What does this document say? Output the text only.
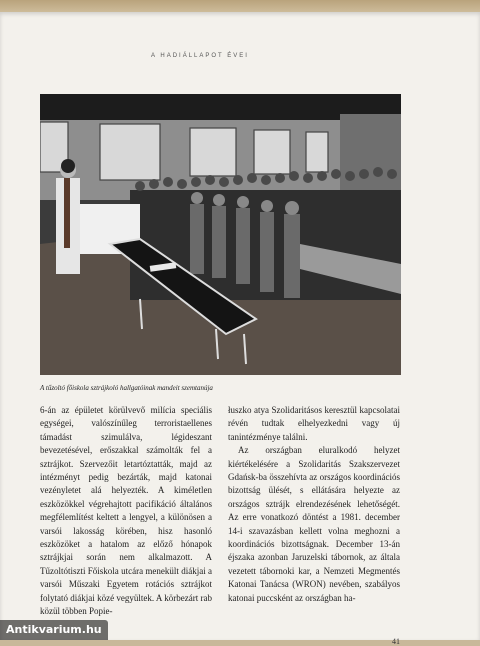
A HADIÁLLAPOT ÉVEI
A tűzoltó főiskola sztrájkoló hallgatóinak mandeit szemtanúja

6-án az épületet körülvevő milícia speciális egységei, valószínűleg terroristaellenes támadást szimulálva, légideszant bevezetésével, erőszakkal számolták fel a sztrájkot. Szervezőit letartóztatták, majd az intézményt pedig bezárták, majd katonai vezényletet alá helyezték. A kiméletlen eszközökkel végrehajtott pacifikáció általános megfélemlítést keltett a lengyel, a különösen a varsói lakosság körében, hisz hasonló eszközöket a hatalom az előző hónapok sztrájkjai során nem alkalmazott. A Tűzoltótiszti Főiskola utcára menekült diákjai a varsói Műszaki Egyetem rotációs sztrájkot folytató diákjai közé vegyültek. A körbezárt rab közül többen Popie-

łuszko atya Szolidaritásos keresztül kapcsolatai révén tudtak elhelyezkedni vagy új tanintézménye találni.

Az országban eluralkodó helyzet kiértékelésére a Szolidaritás Szakszervezet Gdańsk-ba összehívta az országos koordinációs bizottság ülését, s ellátására helyezte az országos sztrájk elrendezésének lehetőségét. Az erre vonatkozó döntést a 1981. december 14-i szavazásban kellett volna meghozni a koordinációs bizottságnak. December 13-án éjszaka azonban Jaruzelski tábornok, az általa vezetett tábornoki kar, a Nemzeti Megmentés Katonai Tanácsa (WRON) nevében, szabályos katonai puccsként az országban ha-

41
Antikvarium.hu
